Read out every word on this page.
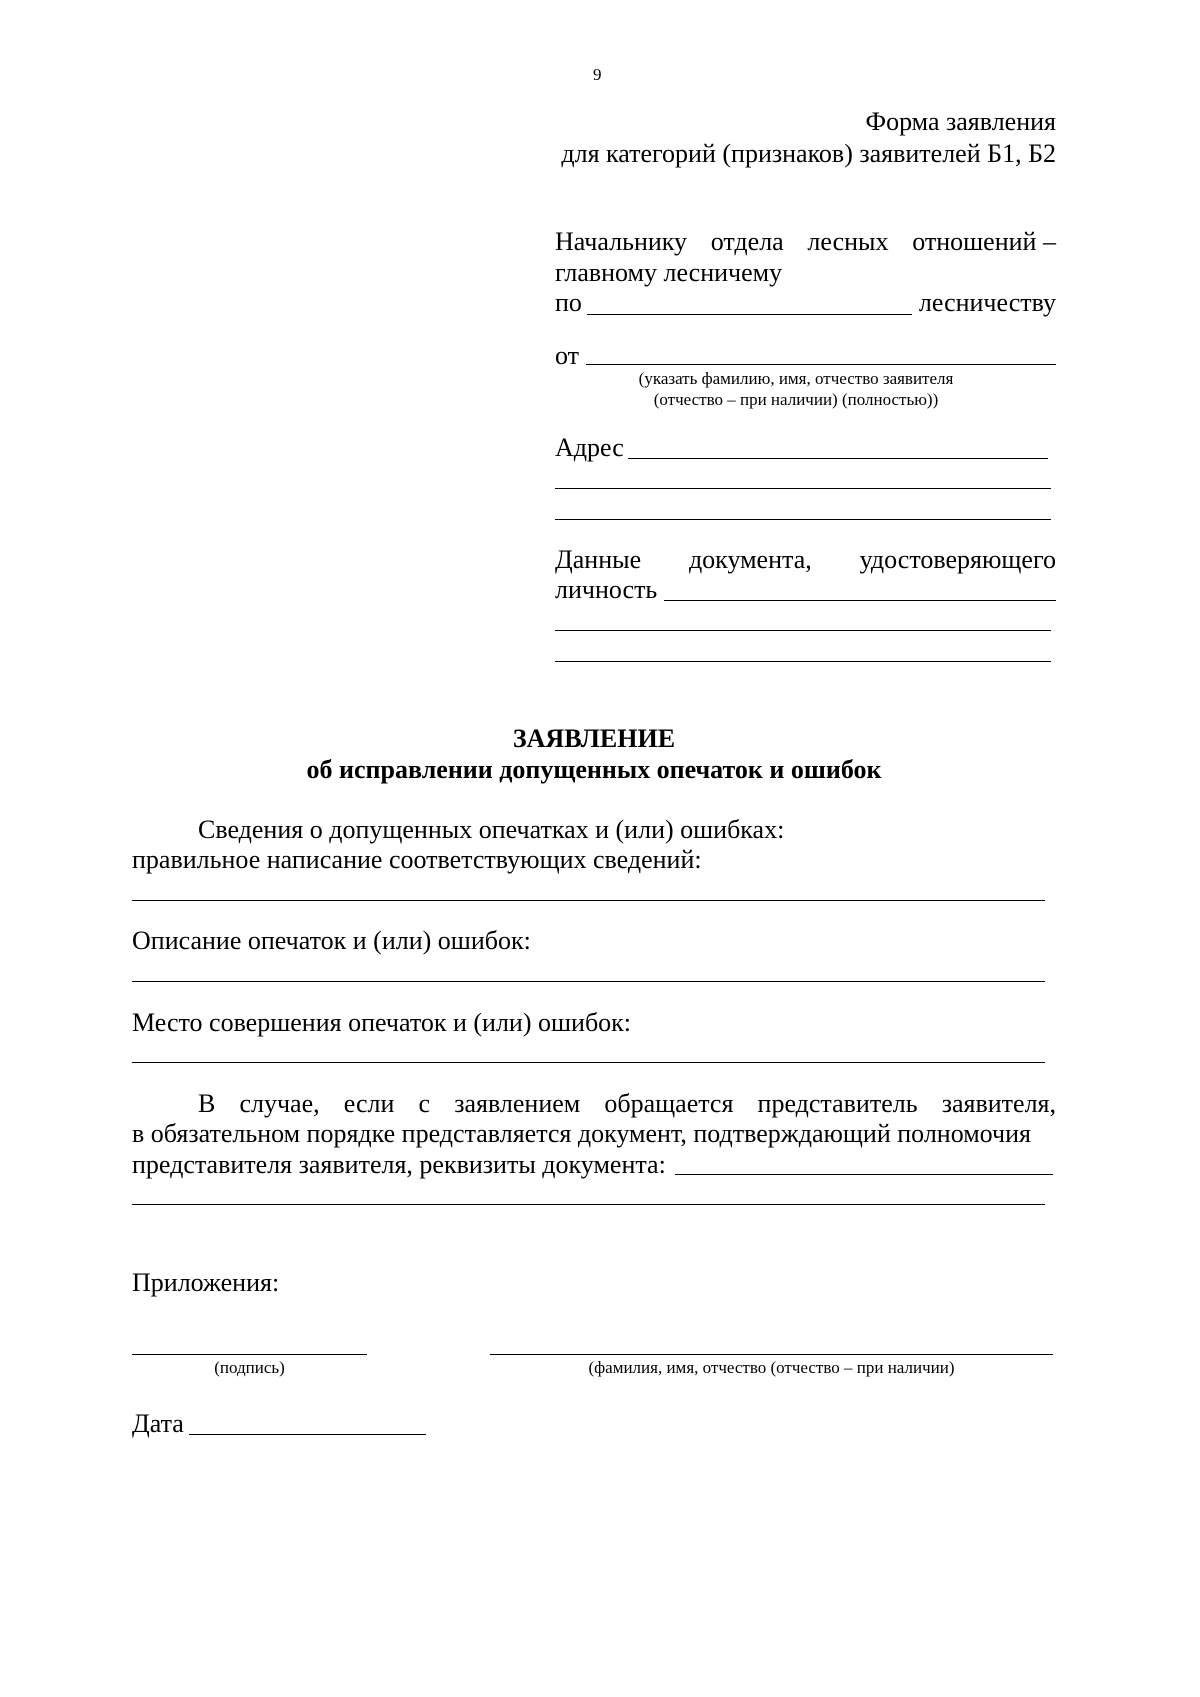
9
Форма заявления
для категорий (признаков) заявителей Б1, Б2
Начальнику отдела лесных отношений –
главному лесничему
по	лесничеству
от
(указать фамилию, имя, отчество заявителя
(отчество – при наличии) (полностью))
Адрес
Данные документа, удостоверяющего
личность
ЗАЯВЛЕНИЕ
об исправлении допущенных опечаток и ошибок
Сведения о допущенных опечатках и (или) ошибках:
правильное написание соответствующих сведений:
Описание опечаток и (или) ошибок:
Место совершения опечаток и (или) ошибок:
В случае, если с заявлением обращается представитель заявителя,
в обязательном порядке представляется документ, подтверждающий полномочия
представителя заявителя, реквизиты документа:
Приложения:
(подпись)	(фамилия, имя, отчество (отчество – при наличии)
Дата
